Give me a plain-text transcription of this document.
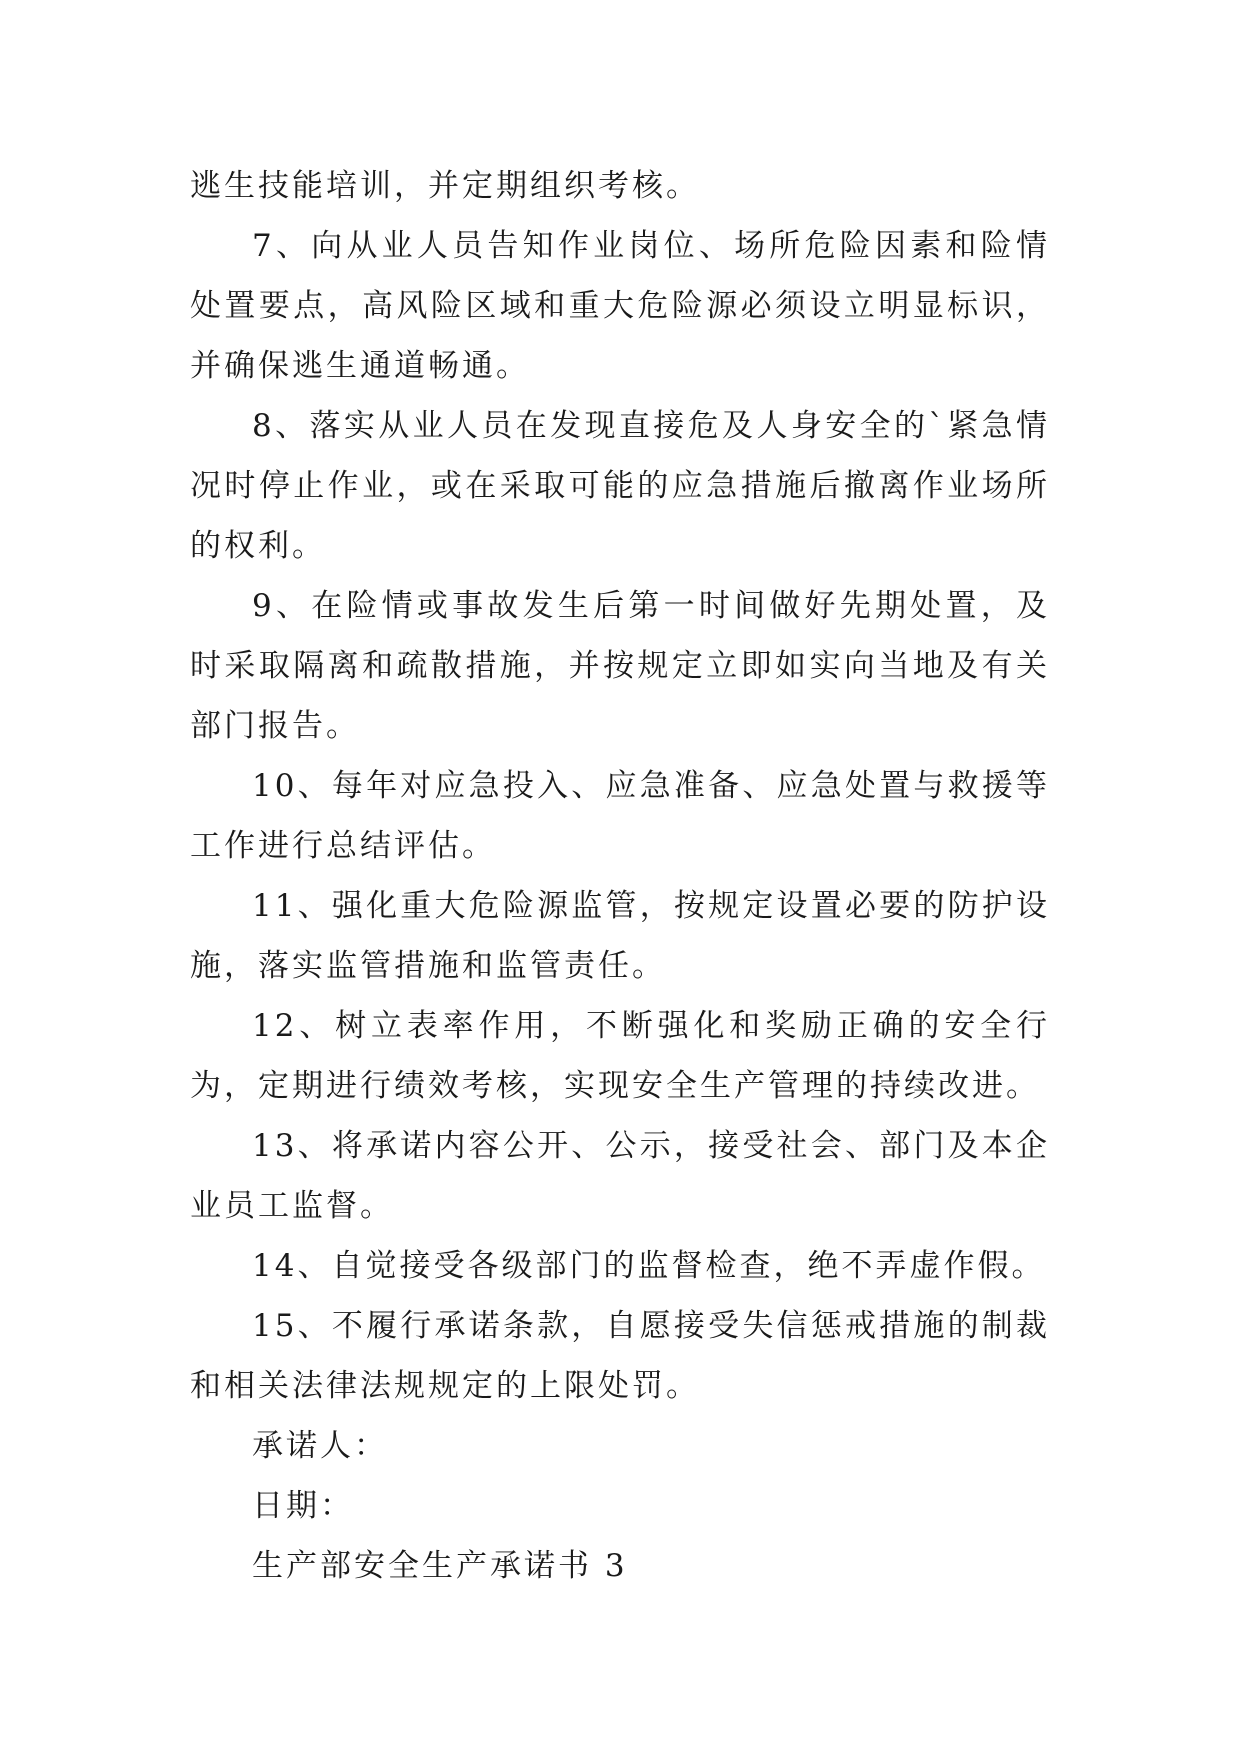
逃生技能培训，并定期组织考核。

7、向从业人员告知作业岗位、场所危险因素和险情处置要点，高风险区域和重大危险源必须设立明显标识，并确保逃生通道畅通。

8、落实从业人员在发现直接危及人身安全的`紧急情况时停止作业，或在采取可能的应急措施后撤离作业场所的权利。

9、在险情或事故发生后第一时间做好先期处置，及时采取隔离和疏散措施，并按规定立即如实向当地及有关部门报告。

10、每年对应急投入、应急准备、应急处置与救援等工作进行总结评估。

11、强化重大危险源监管，按规定设置必要的防护设施，落实监管措施和监管责任。

12、树立表率作用，不断强化和奖励正确的安全行为，定期进行绩效考核，实现安全生产管理的持续改进。

13、将承诺内容公开、公示，接受社会、部门及本企业员工监督。

14、自觉接受各级部门的监督检查，绝不弄虚作假。

15、不履行承诺条款，自愿接受失信惩戒措施的制裁和相关法律法规规定的上限处罚。

承诺人：

日期：

生产部安全生产承诺书 3
